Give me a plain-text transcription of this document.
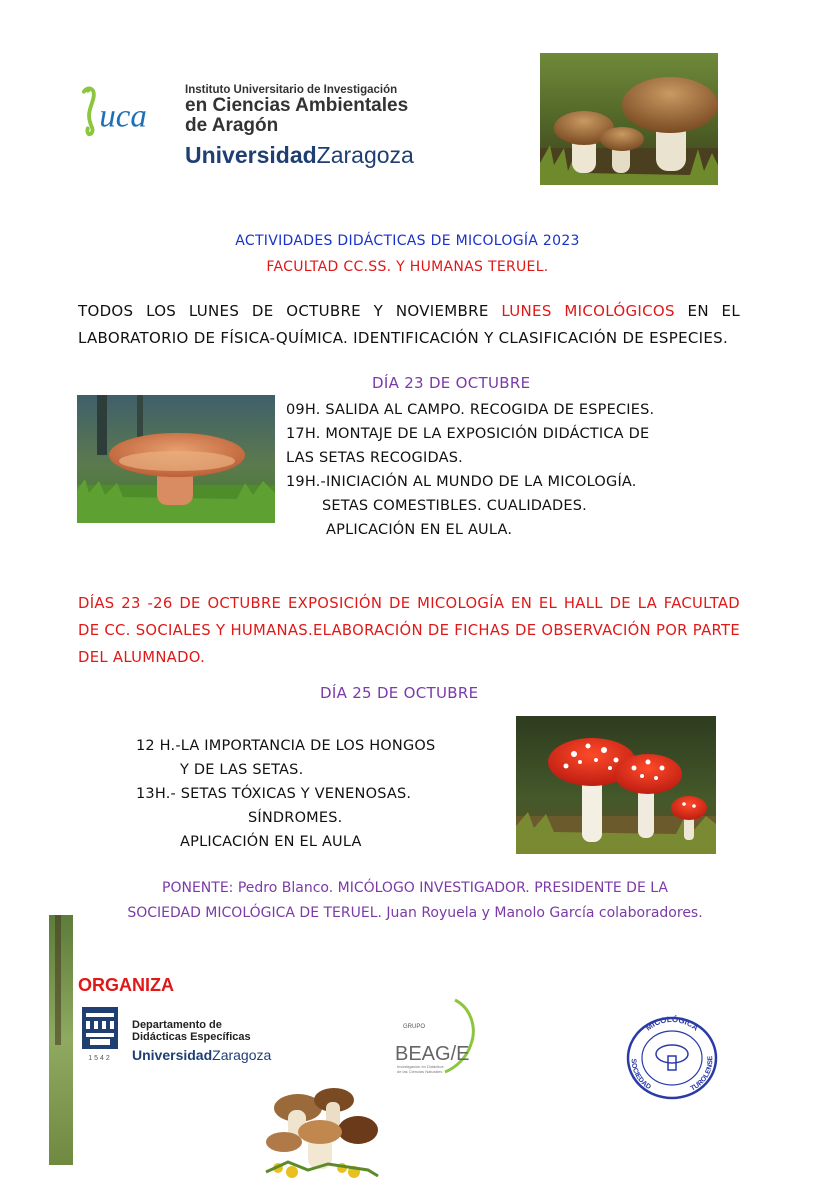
uca
Instituto Universitario de Investigación
en Ciencias Ambientales
de Aragón
UniversidadZaragoza
ACTIVIDADES DIDÁCTICAS DE MICOLOGÍA 2023
FACULTAD CC.SS. Y HUMANAS TERUEL.
TODOS LOS LUNES DE OCTUBRE Y NOVIEMBRE LUNES MICOLÓGICOS EN EL LABORATORIO DE FÍSICA-QUÍMICA. IDENTIFICACIÓN Y CLASIFICACIÓN DE ESPECIES.
DÍA 23 DE OCTUBRE
09H. SALIDA AL CAMPO. RECOGIDA DE ESPECIES.
17H. MONTAJE DE LA EXPOSICIÓN DIDÁCTICA DE
LAS SETAS RECOGIDAS.
19H.-INICIACIÓN AL MUNDO DE LA MICOLOGÍA.
SETAS COMESTIBLES. CUALIDADES.
APLICACIÓN EN EL AULA.
DÍAS 23 -26 DE OCTUBRE EXPOSICIÓN DE MICOLOGÍA EN EL HALL DE LA FACULTAD DE CC. SOCIALES Y HUMANAS.ELABORACIÓN DE FICHAS DE OBSERVACIÓN POR PARTE DEL ALUMNADO.
DÍA 25 DE OCTUBRE
12 H.-LA IMPORTANCIA DE LOS HONGOS
Y DE LAS SETAS.
13H.- SETAS TÓXICAS Y VENENOSAS.
SÍNDROMES.
APLICACIÓN EN EL AULA
PONENTE: Pedro Blanco. MICÓLOGO INVESTIGADOR. PRESIDENTE DE LA
SOCIEDAD MICOLÓGICA DE TERUEL. Juan Royuela y Manolo García colaboradores.
ORGANIZA
1542
Departamento de
Didácticas Específicas
UniversidadZaragoza
GRUPO
BEAG/E
Investigación en Didáctica
de las Ciencias Naturales
MICOLÓGICA
SOCIEDAD	TUROLENSE
